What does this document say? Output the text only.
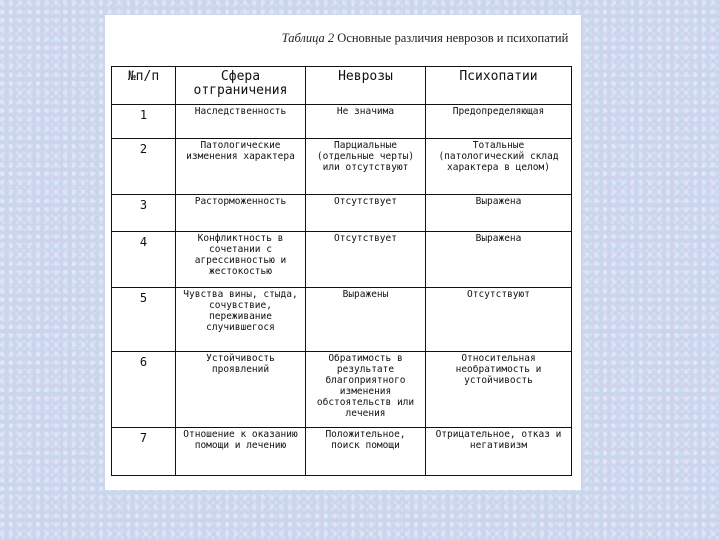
Таблица 2 Основные различия неврозов и психопатий
№п/п	Сфера отграничения	Неврозы	Психопатии
1	Наследственность	Не значима	Предопределяющая
2	Патологические изменения характера	Парциальные (отдельные черты) или отсутствуют	Тотальные (патологический склад характера в целом)
3	Расторможенность	Отсутствует	Выражена
4	Конфликтность в сочетании с агрессивностью и жестокостью	Отсутствует	Выражена
5	Чувства вины, стыда, сочувствие, переживание случившегося	Выражены	Отсутствуют
6	Устойчивость проявлений	Обратимость в результате благоприятного изменения обстоятельств или лечения	Относительная необратимость и устойчивость
7	Отношение к оказанию помощи и лечению	Положительное, поиск помощи	Отрицательное, отказ и негативизм
